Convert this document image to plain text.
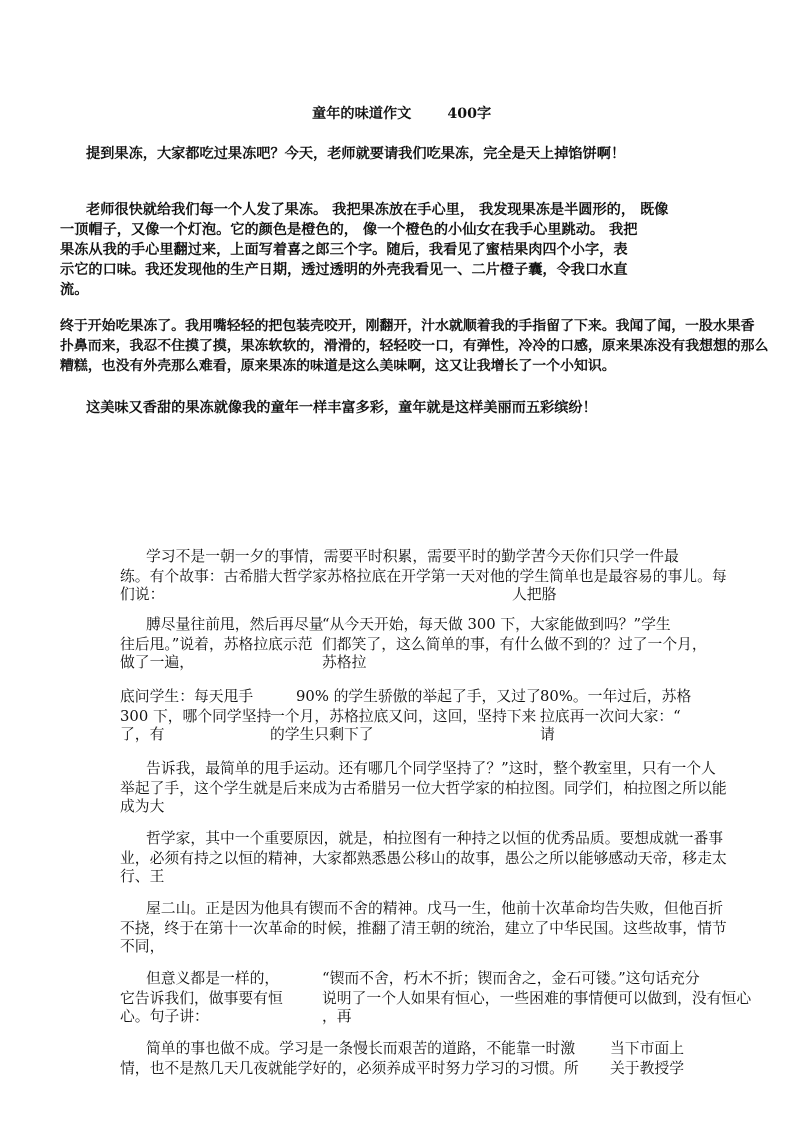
童年的味道作文	400字
提到果冻，大家都吃过果冻吧？今天，老师就要请我们吃果冻，完全是天上掉馅饼啊！
老师很快就给我们每一个人发了果冻。 我把果冻放在手心里， 我发现果冻是半圆形的， 既像
一顶帽子，又像一个灯泡。它的颜色是橙色的， 像一个橙色的小仙女在我手心里跳动。 我把
果冻从我的手心里翻过来，上面写着喜之郎三个字。随后，我看见了蜜桔果肉四个小字，表
示它的口味。我还发现他的生产日期，透过透明的外壳我看见一、二片橙子囊，令我口水直
流。
终于开始吃果冻了。我用嘴轻轻的把包装壳咬开，刚翻开，汁水就顺着我的手指留了下来。我闻了闻，一股水果香
扑鼻而来，我忍不住摸了摸，果冻软软的，滑滑的，轻轻咬一口，有弹性，冷冷的口感，原来果冻没有我想想的那么
糟糕，也没有外壳那么难看，原来果冻的味道是这么美味啊，这又让我增长了一个小知识。
这美味又香甜的果冻就像我的童年一样丰富多彩，童年就是这样美丽而五彩缤纷！
学习不是一朝一夕的事情，需要平时积累，需要平时的勤学苦
“今天你们只学一件最
练。有个故事：古希腊大哲学家苏格拉底在开学第一天对他的学生简单也是最容易的事儿。每
们说：	人把胳
膊尽量往前甩，然后再尽量
“从今天开始，每天做 300 下，大家能做到吗？”学生
往后甩。”说着，苏格拉底示范 们都笑了，这么简单的事，有什么做不到的？过了一个月，
做了一遍，	苏格拉
底问学生：每天甩手	90% 的学生骄傲的举起了手，又过了 80%。一年过后，苏格
300 下，哪个同学坚持
一个月，苏格拉底又问，这回，坚持下来 拉底再一次问大家：“
了，有	的学生只剩下了	请
告诉我，最简单的甩手运动。还有哪几个同学坚持了？”这时，整个教室里，只有一个人
举起了手，这个学生就是后来成为古希腊另一位大哲学家的柏拉图。同学们，柏拉图之所以能
成为大
哲学家，其中一个重要原因，就是，柏拉图有一种持之以恒的优秀品质。要想成就一番事
业，必须有持之以恒的精神，大家都熟悉愚公移山的故事，愚公之所以能够感动天帝，移走太
行、王
屋二山。正是因为他具有锲而不舍的精神。戊马一生，他前十次革命均告失败，但他百折
不挠，终于在第十一次革命的时候，推翻了清王朝的统治，建立了中华民国。这些故事，情节
不同，
但意义都是一样的，	“锲而不舍，朽木不折；锲而舍之，金石可镂。”这句话充分
它告诉我们，做事要有恒	说明了一个人如果有恒心，一些困难的事情便可以做到，没有恒心
心。句子讲：	，再
简单的事也做不成。学习是一条慢长而艰苦的道路，不能靠一时激 当下市面上
情，也不是熬几天几夜就能学好的，必须养成平时努力学习的习惯。所 关于教授学
